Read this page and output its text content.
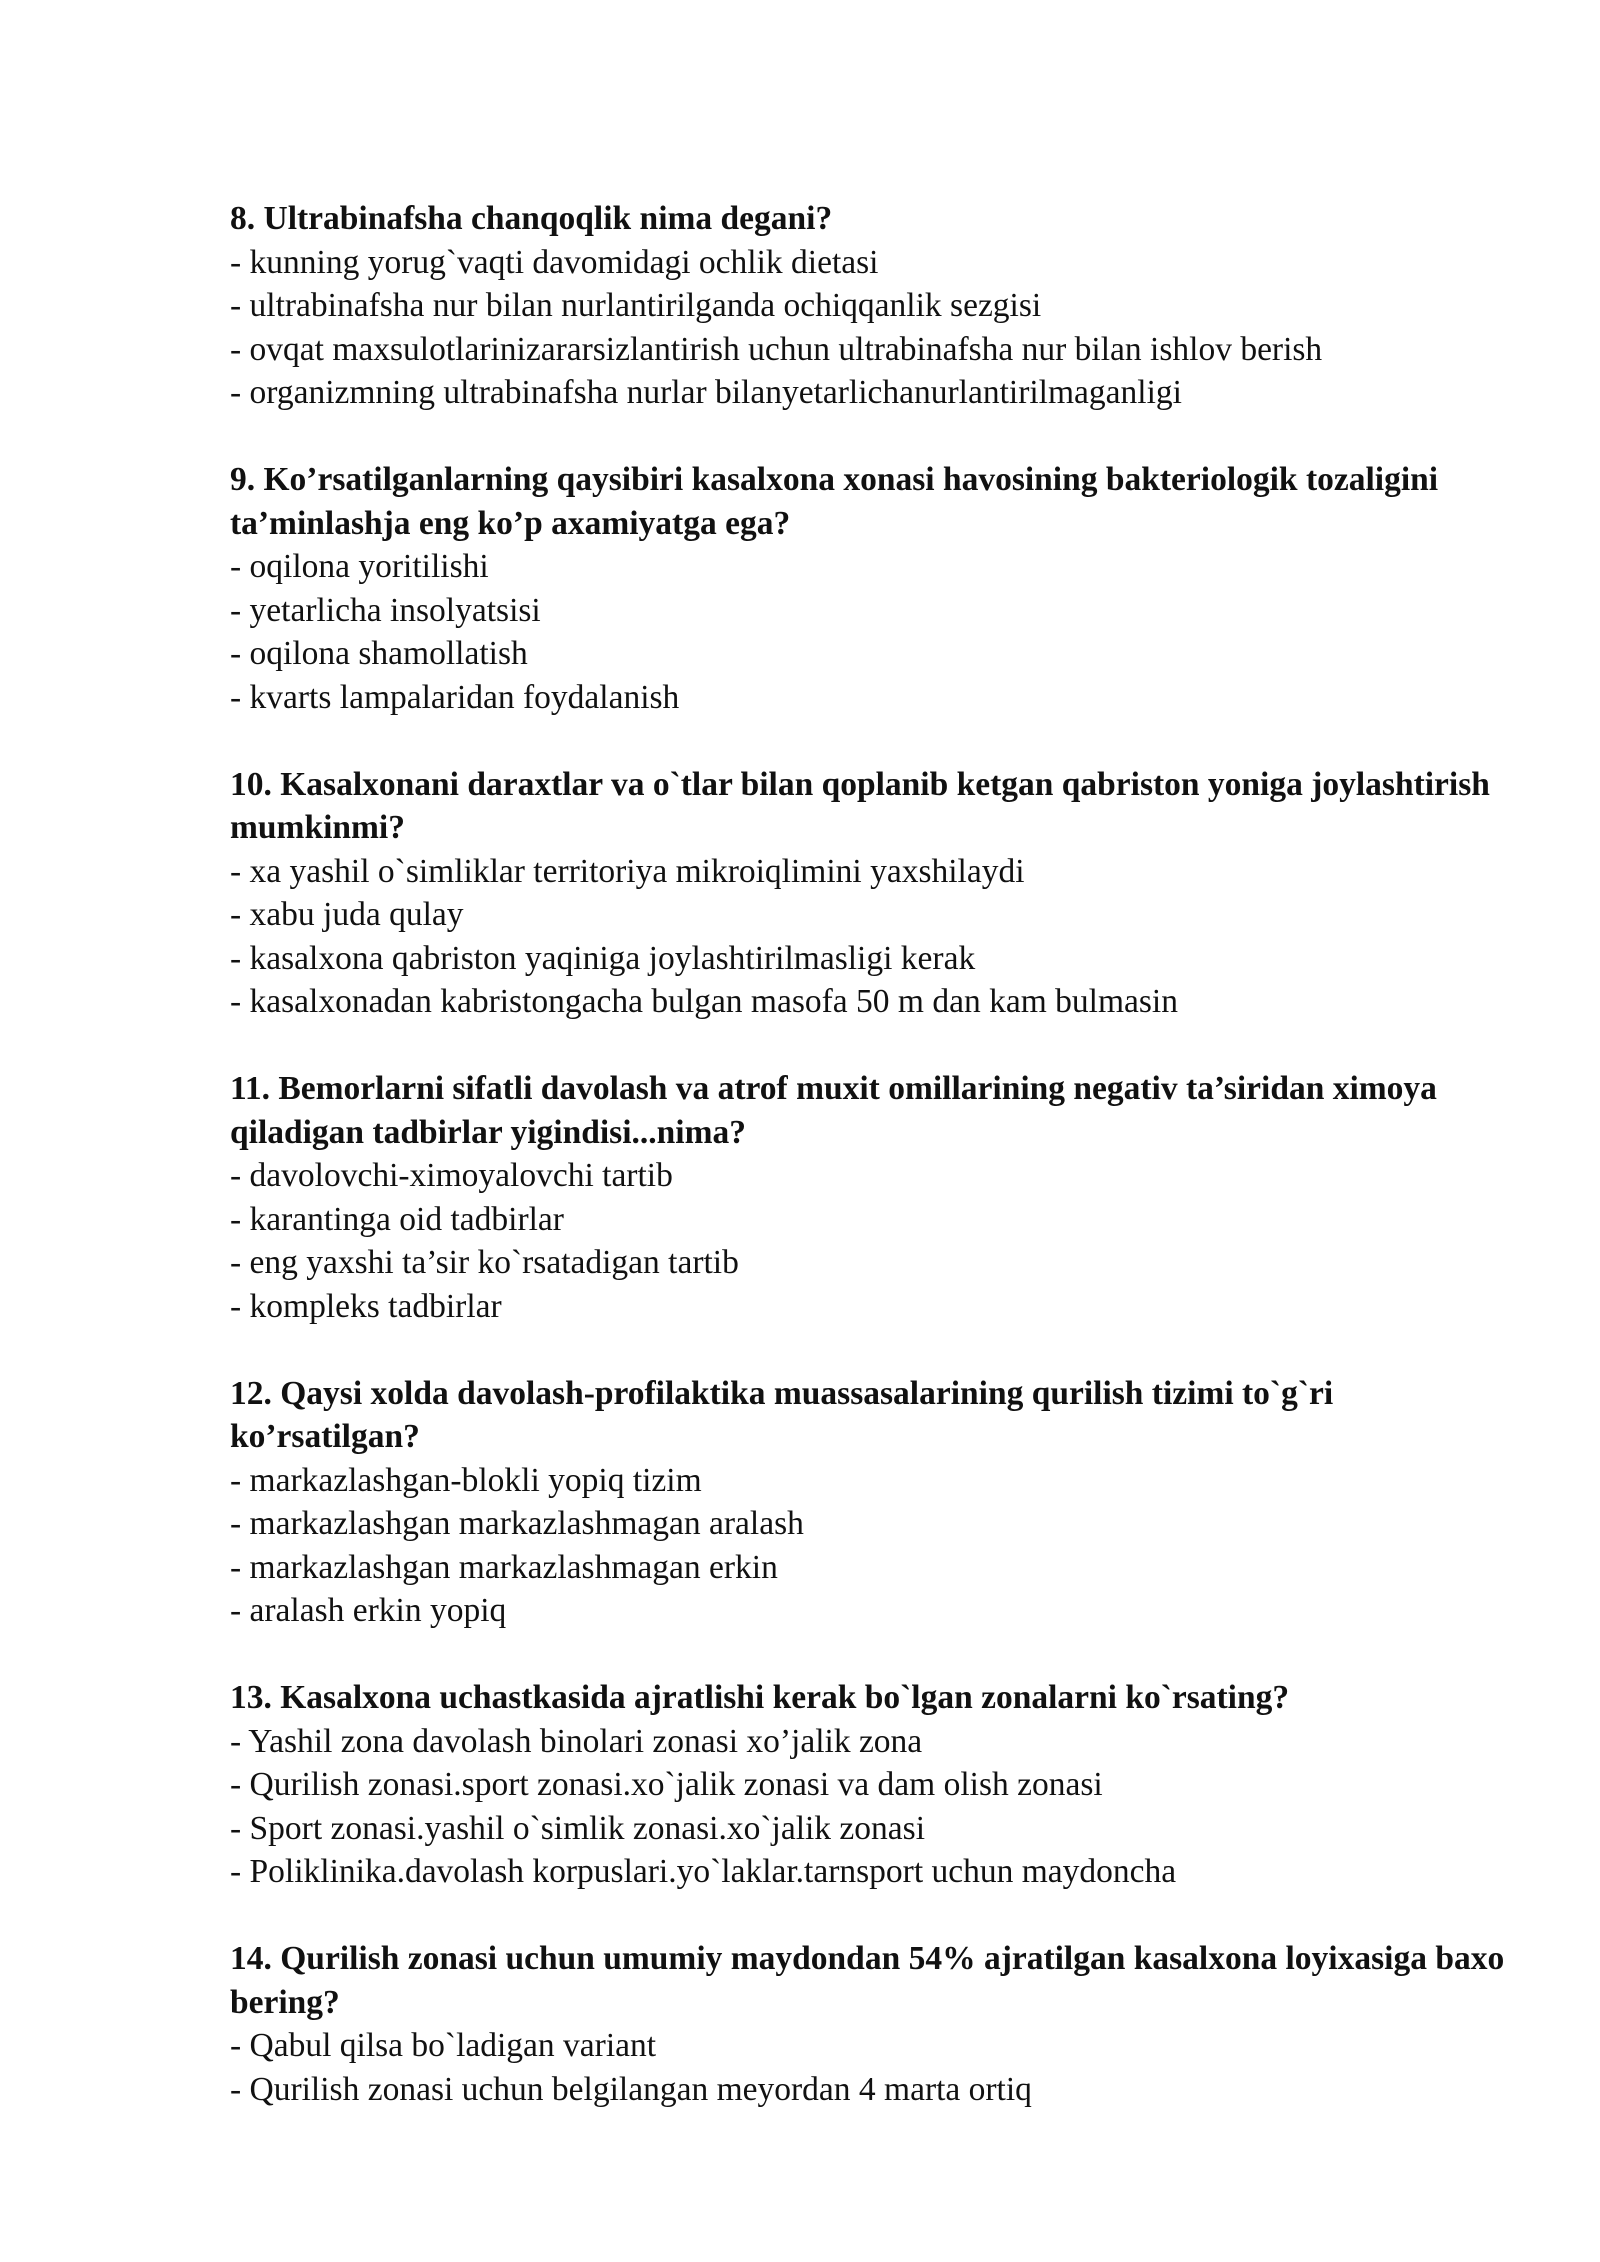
8. Ultrabinafsha chanqoqlik nima degani?

- kunning yorug`vaqti davomidagi ochlik dietasi

- ultrabinafsha nur bilan nurlantirilganda ochiqqanlik sezgisi

- ovqat maxsulotlarinizararsizlantirish uchun ultrabinafsha nur bilan ishlov berish

- organizmning ultrabinafsha nurlar bilanyetarlichanurlantirilmaganligi

9. Ko’rsatilganlarning qaysibiri kasalxona xonasi havosining bakteriologik tozaligini ta’minlashja eng ko’p axamiyatga ega?

- oqilona yoritilishi

- yetarlicha insolyatsisi

- oqilona shamollatish

- kvarts lampalaridan foydalanish

10. Kasalxonani daraxtlar va o`tlar bilan qoplanib ketgan qabriston yoniga joylashtirish mumkinmi?

- xa yashil o`simliklar territoriya mikroiqlimini yaxshilaydi

- xabu juda qulay

- kasalxona qabriston yaqiniga joylashtirilmasligi kerak

- kasalxonadan kabristongacha bulgan masofa 50 m dan kam bulmasin

11. Bemorlarni sifatli davolash va atrof muxit omillarining negativ ta’siridan ximoya qiladigan tadbirlar yigindisi...nima?

- davolovchi-ximoyalovchi tartib

- karantinga oid tadbirlar

- eng yaxshi ta’sir ko`rsatadigan tartib

- kompleks tadbirlar

12. Qaysi xolda davolash-profilaktika muassasalarining qurilish tizimi to`g`ri ko’rsatilgan?

- markazlashgan-blokli yopiq tizim

- markazlashgan markazlashmagan aralash

- markazlashgan markazlashmagan erkin

- aralash erkin yopiq

13. Kasalxona uchastkasida ajratlishi kerak bo`lgan zonalarni ko`rsating?

- Yashil zona davolash binolari zonasi xo’jalik zona

- Qurilish zonasi.sport zonasi.xo`jalik zonasi va dam olish zonasi

- Sport zonasi.yashil o`simlik zonasi.xo`jalik zonasi

- Poliklinika.davolash korpuslari.yo`laklar.tarnsport uchun maydoncha

14. Qurilish zonasi uchun umumiy maydondan 54% ajratilgan kasalxona loyixasiga baxo bering?

- Qabul qilsa bo`ladigan variant

- Qurilish zonasi uchun belgilangan meyordan 4 marta ortiq
